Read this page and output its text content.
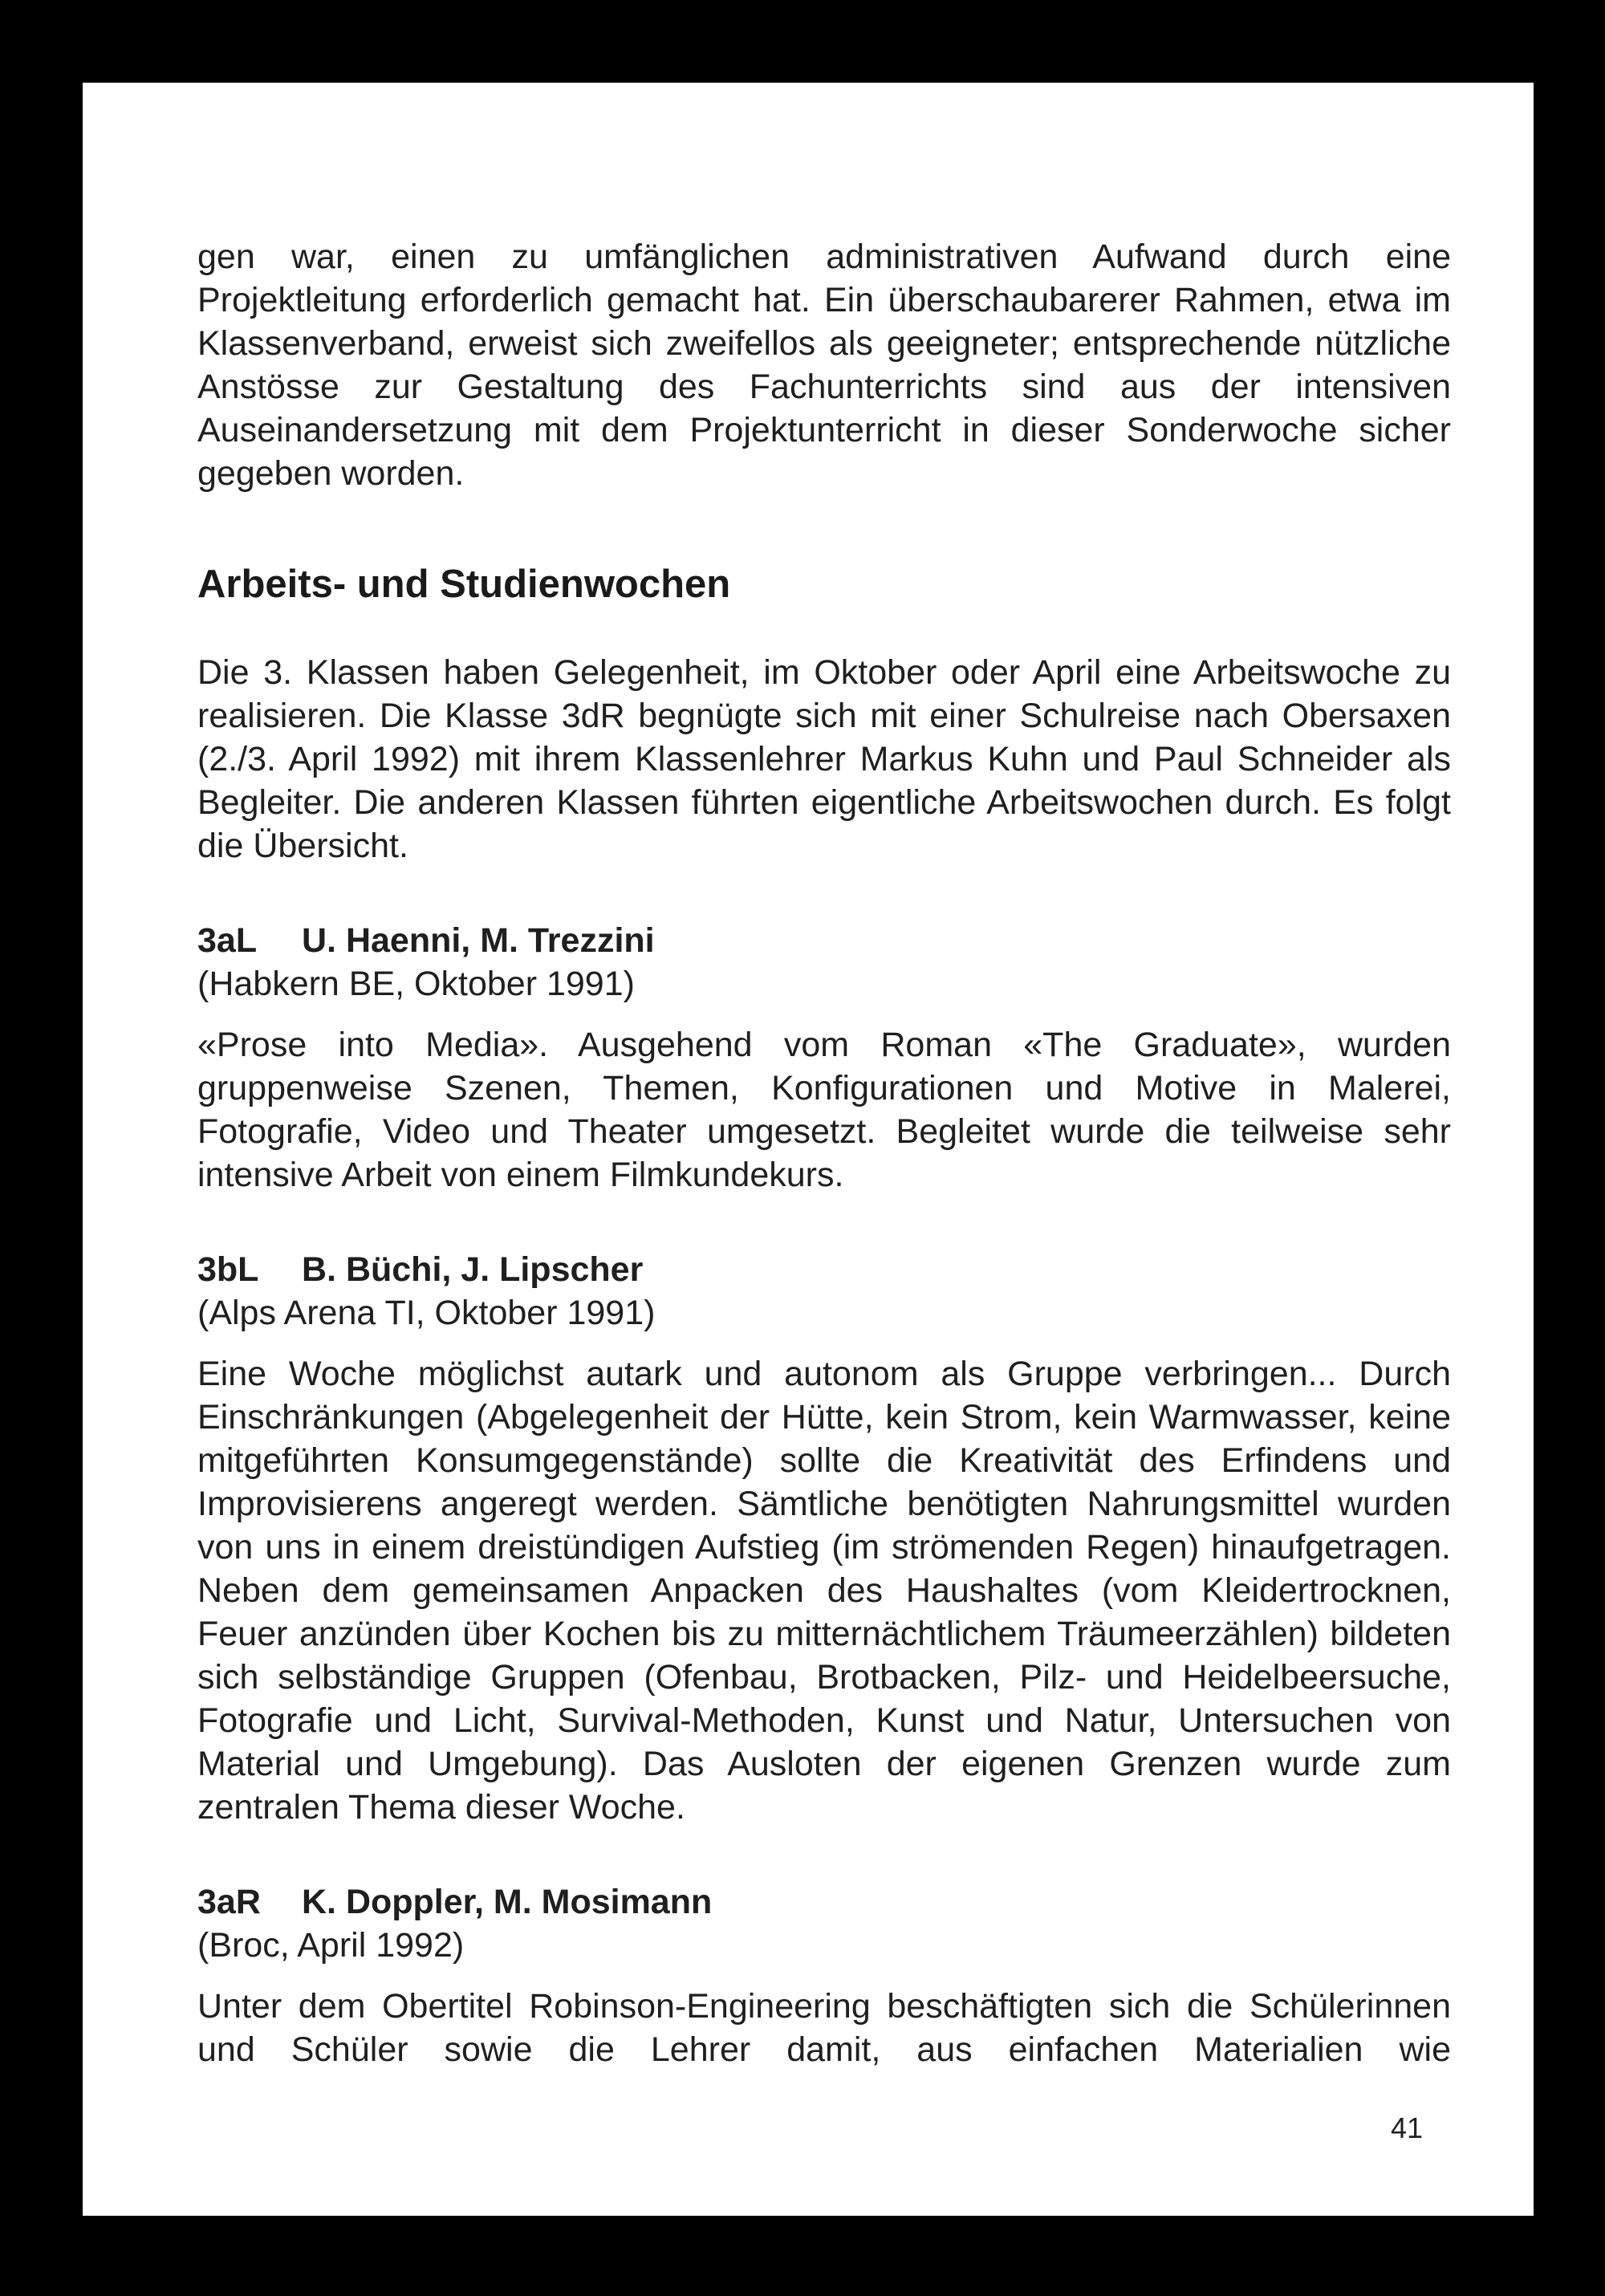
gen war, einen zu umfänglichen administrativen Aufwand durch eine Projektleitung erforderlich gemacht hat. Ein überschaubarerer Rahmen, etwa im Klassenverband, erweist sich zweifellos als geeigneter; entsprechende nützliche Anstösse zur Gestaltung des Fachunterrichts sind aus der intensiven Auseinandersetzung mit dem Projektunterricht in dieser Sonderwoche sicher gegeben worden.

Arbeits- und Studienwochen

Die 3. Klassen haben Gelegenheit, im Oktober oder April eine Arbeitswoche zu realisieren. Die Klasse 3dR begnügte sich mit einer Schulreise nach Obersaxen (2./3. April 1992) mit ihrem Klassenlehrer Markus Kuhn und Paul Schneider als Begleiter. Die anderen Klassen führten eigentliche Arbeitswochen durch. Es folgt die Übersicht.

3aL U. Haenni, M. Trezzini
(Habkern BE, Oktober 1991)

«Prose into Media». Ausgehend vom Roman «The Graduate», wurden gruppenweise Szenen, Themen, Konfigurationen und Motive in Malerei, Fotografie, Video und Theater umgesetzt. Begleitet wurde die teilweise sehr intensive Arbeit von einem Filmkundekurs.

3bL B. Büchi, J. Lipscher
(Alps Arena TI, Oktober 1991)

Eine Woche möglichst autark und autonom als Gruppe verbringen... Durch Einschränkungen (Abgelegenheit der Hütte, kein Strom, kein Warmwasser, keine mitgeführten Konsumgegenstände) sollte die Kreativität des Erfindens und Improvisierens angeregt werden. Sämtliche benötigten Nahrungsmittel wurden von uns in einem dreistündigen Aufstieg (im strömenden Regen) hinaufgetragen. Neben dem gemeinsamen Anpacken des Haushaltes (vom Kleidertrocknen, Feuer anzünden über Kochen bis zu mitternächtlichem Träumeerzählen) bildeten sich selbständige Gruppen (Ofenbau, Brotbacken, Pilz- und Heidelbeersuche, Fotografie und Licht, Survival-Methoden, Kunst und Natur, Untersuchen von Material und Umgebung). Das Ausloten der eigenen Grenzen wurde zum zentralen Thema dieser Woche.

3aR K. Doppler, M. Mosimann
(Broc, April 1992)

Unter dem Obertitel Robinson-Engineering beschäftigten sich die Schülerinnen und Schüler sowie die Lehrer damit, aus einfachen Materialien wie

41
